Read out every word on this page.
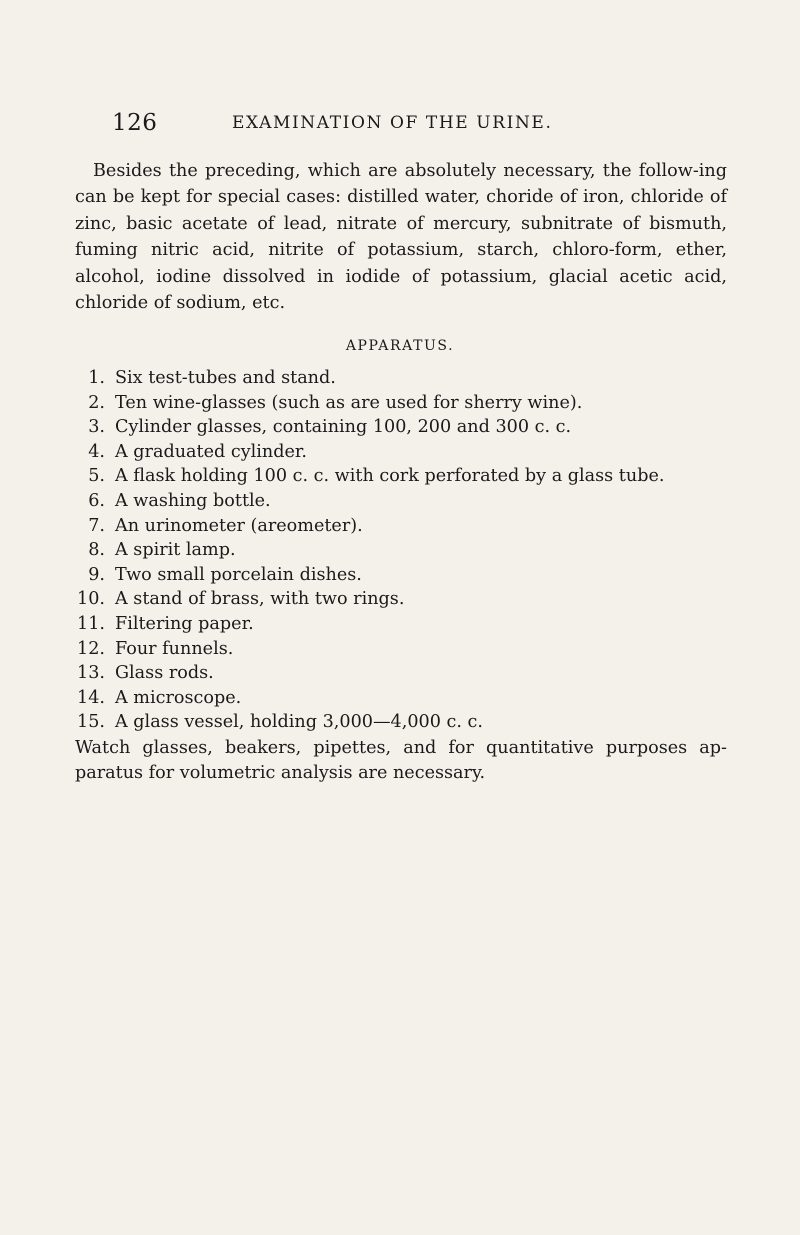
126	EXAMINATION OF THE URINE.

Besides the preceding, which are absolutely necessary, the follow-ing can be kept for special cases: distilled water, choride of iron, chloride of zinc, basic acetate of lead, nitrate of mercury, subnitrate of bismuth, fuming nitric acid, nitrite of potassium, starch, chloro-form, ether, alcohol, iodine dissolved in iodide of potassium, glacial acetic acid, chloride of sodium, etc.

APPARATUS.
1. Six test-tubes and stand.
2. Ten wine-glasses (such as are used for sherry wine).
3. Cylinder glasses, containing 100, 200 and 300 c. c.
4. A graduated cylinder.
5. A flask holding 100 c. c. with cork perforated by a glass tube.
6. A washing bottle.
7. An urinometer (areometer).
8. A spirit lamp.
9. Two small porcelain dishes.
10. A stand of brass, with two rings.
11. Filtering paper.
12. Four funnels.
13. Glass rods.
14. A microscope.
15. A glass vessel, holding 3,000—4,000 c. c.

Watch glasses, beakers, pipettes, and for quantitative purposes ap-paratus for volumetric analysis are necessary.
